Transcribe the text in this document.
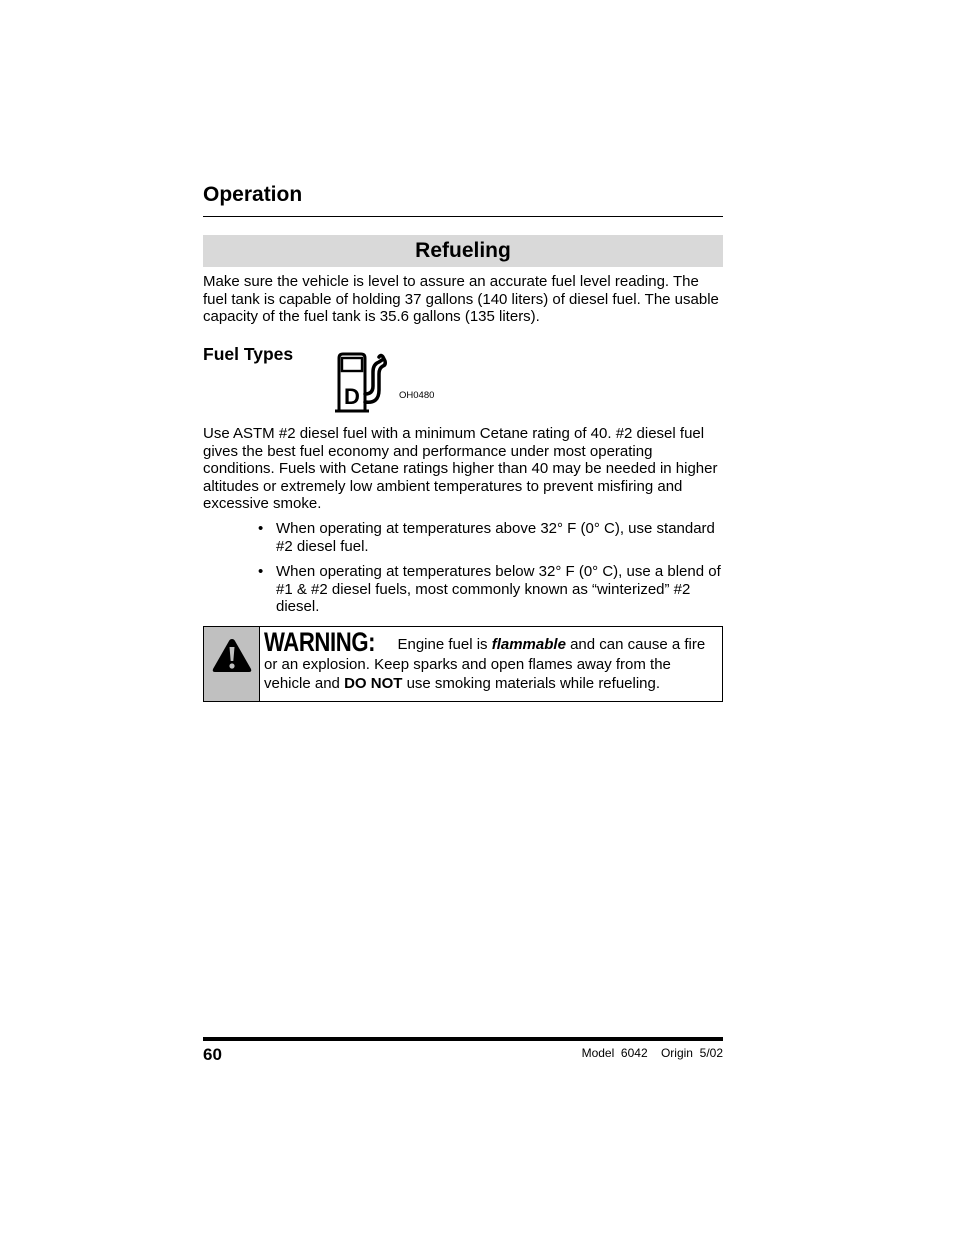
Operation
Refueling

Make sure the vehicle is level to assure an accurate fuel level reading. The fuel tank is capable of holding 37 gallons (140 liters) of diesel fuel. The usable capacity of the fuel tank is 35.6 gallons (135 liters).

Fuel Types
D	OH0480

Use ASTM #2 diesel fuel with a minimum Cetane rating of 40. #2 diesel fuel gives the best fuel economy and performance under most operating conditions. Fuels with Cetane ratings higher than 40 may be needed in higher altitudes or extremely low ambient temperatures to prevent misfiring and excessive smoke.

• When operating at temperatures above 32° F (0° C), use standard #2 diesel fuel.
• When operating at temperatures below 32° F (0° C), use a blend of #1 & #2 diesel fuels, most commonly known as “winterized” #2 diesel.
WARNING: Engine fuel is flammable and can cause a fire or an explosion. Keep sparks and open flames away from the vehicle and DO NOT use smoking materials while refueling.
60	Model  6042    Origin  5/02
